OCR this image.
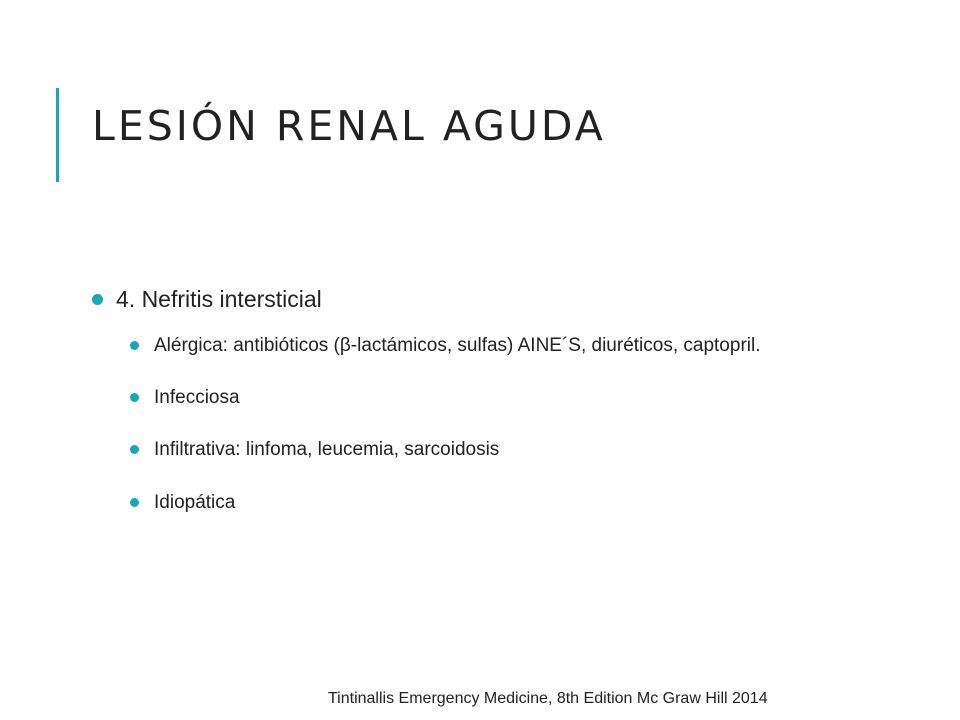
LESIÓN RENAL AGUDA
4. Nefritis intersticial
Alérgica: antibióticos (β-lactámicos, sulfas) AINE´S, diuréticos, captopril.
Infecciosa
Infiltrativa: linfoma, leucemia, sarcoidosis
Idiopática
Tintinallis Emergency Medicine, 8th Edition Mc Graw Hill 2014
